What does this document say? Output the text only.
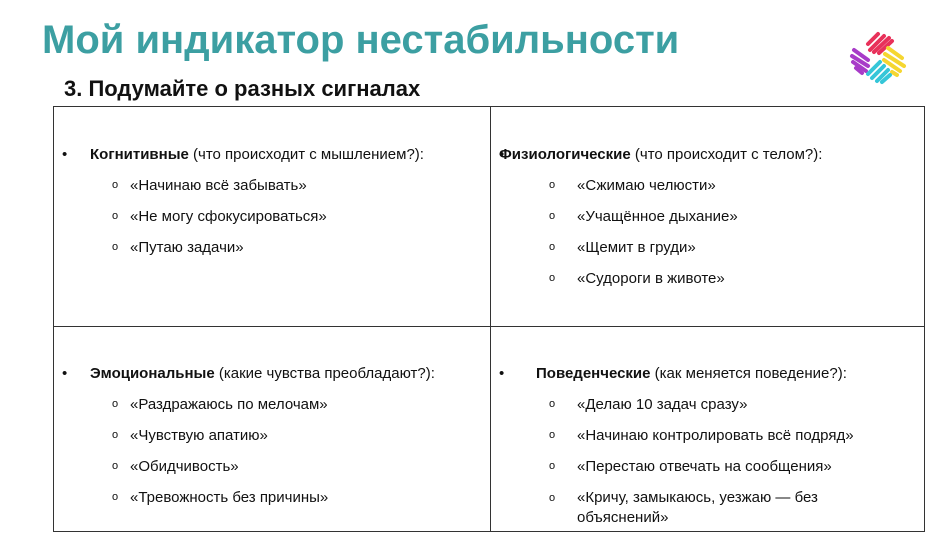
Мой индикатор нестабильности
3. Подумайте о разных сигналах
• Когнитивные (что происходит с мышлением?):
o «Начинаю всё забывать»
o «Не могу сфокусироваться»
o «Путаю задачи»
• Физиологические (что происходит с телом?):
o «Сжимаю челюсти»
o «Учащённое дыхание»
o «Щемит в груди»
o «Судороги в животе»
• Эмоциональные (какие чувства преобладают?):
o «Раздражаюсь по мелочам»
o «Чувствую апатию»
o «Обидчивость»
o «Тревожность без причины»
• Поведенческие (как меняется поведение?):
o «Делаю 10 задач сразу»
o «Начинаю контролировать всё подряд»
o «Перестаю отвечать на сообщения»
o «Кричу, замыкаюсь, уезжаю — без объяснений»
